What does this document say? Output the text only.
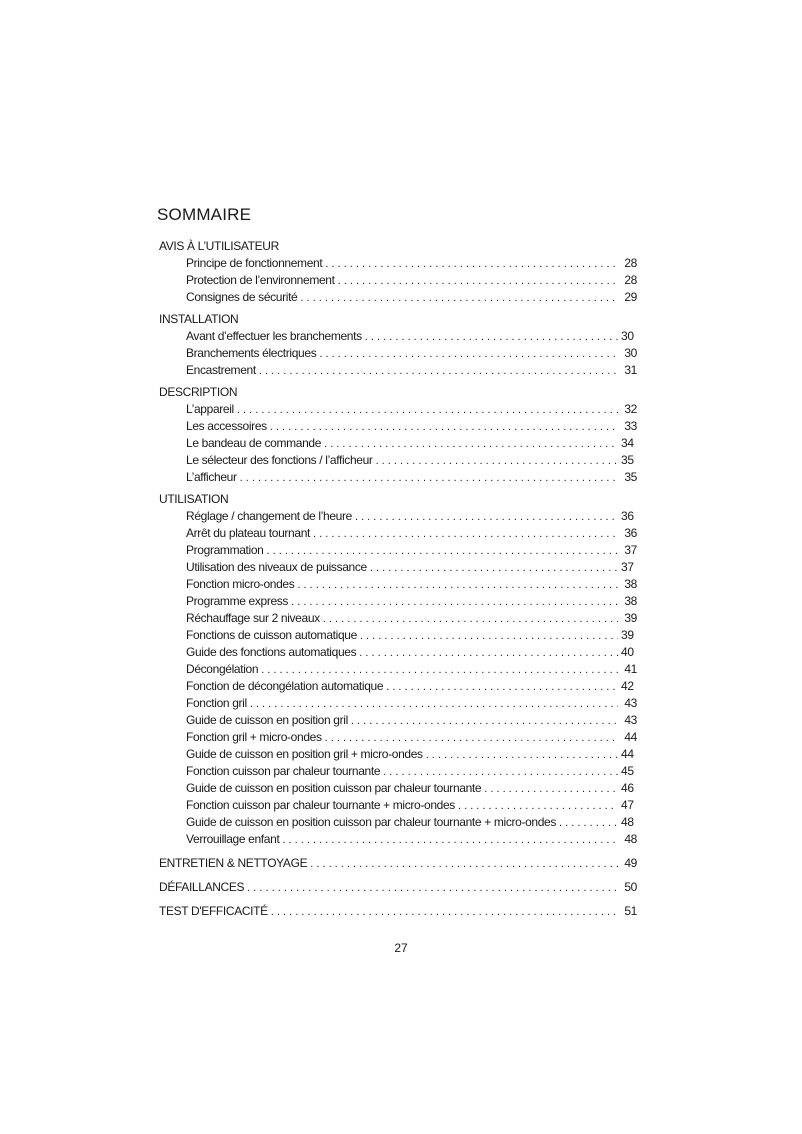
SOMMAIRE
AVIS À L’UTILISATEUR
Principe de fonctionnement . . .	28
Protection de l’environnement . . .	28
Consignes de sécurité . . .	29
INSTALLATION
Avant d’effectuer les branchements . . .	30
Branchements électriques . . .	30
Encastrement . . .	31
DESCRIPTION
L’appareil . . .	32
Les accessoires . . .	33
Le bandeau de commande . . .	34
Le sélecteur des fonctions / l’afficheur . . .	35
L’afficheur . . .	35
UTILISATION
Réglage / changement de l’heure . . .	36
Arrêt du plateau tournant . . .	36
Programmation . . .	37
Utilisation des niveaux de puissance . . .	37
Fonction micro-ondes . . .	38
Programme express . . .	38
Réchauffage sur 2 niveaux . . .	39
Fonctions de cuisson automatique . . .	39
Guide des fonctions automatiques . . .	40
Décongélation . . .	41
Fonction de décongélation automatique . . .	42
Fonction gril . . .	43
Guide de cuisson en position gril . . .	43
Fonction gril + micro-ondes . . .	44
Guide de cuisson en position gril + micro-ondes . . .	44
Fonction cuisson par chaleur tournante . . .	45
Guide de cuisson en position cuisson par chaleur tournante . . .	46
Fonction cuisson par chaleur tournante + micro-ondes . . .	47
Guide de cuisson en position cuisson par chaleur tournante + micro-ondes . . .	48
Verrouillage enfant . . .	48
ENTRETIEN & NETTOYAGE . . .	49
DÉFAILLANCES . . .	50
TEST D'EFFICACITÉ . . .	51
27
